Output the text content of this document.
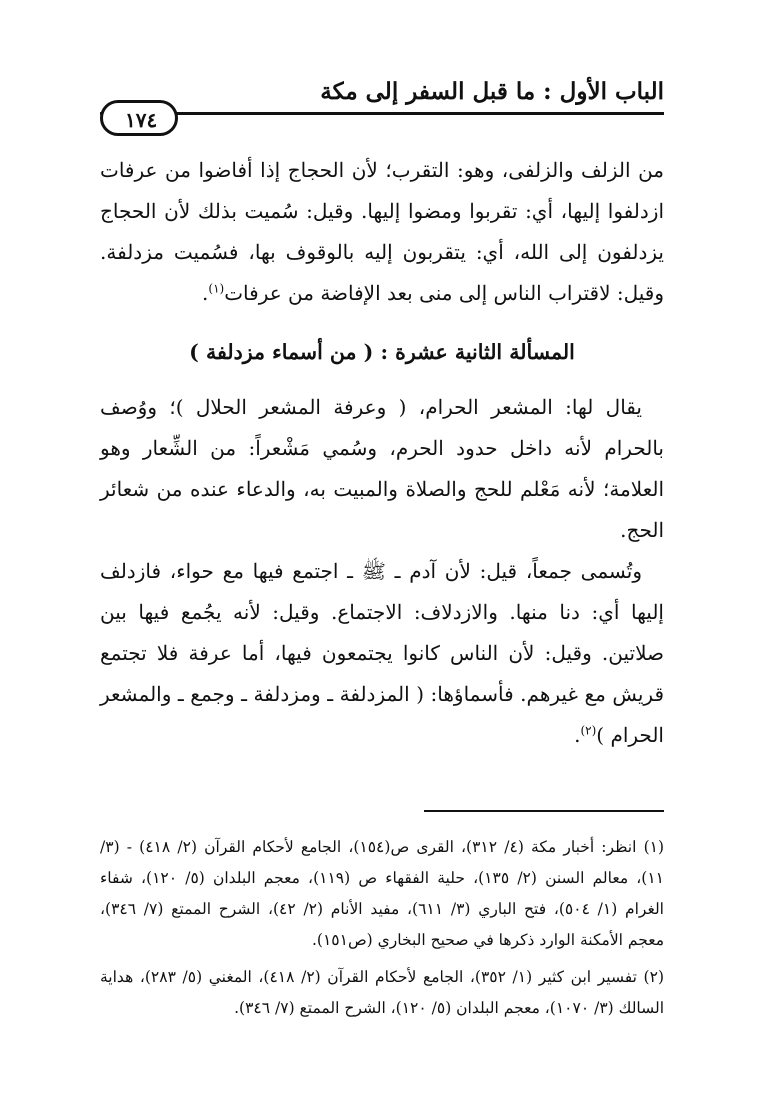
الباب الأول : ما قبل السفر إلى مكة
١٧٤

من الزلف والزلفى، وهو: التقرب؛ لأن الحجاج إذا أفاضوا من عرفات ازدلفوا إليها، أي: تقربوا ومضوا إليها. وقيل: سُميت بذلك لأن الحجاج يزدلفون إلى الله، أي: يتقربون إليه بالوقوف بها، فسُميت مزدلفة. وقيل: لاقتراب الناس إلى منى بعد الإفاضة من عرفات$^{(١)}$.

المسألة الثانية عشرة : ( من أسماء مزدلفة )

يقال لها: المشعر الحرام، ( وعرفة المشعر الحلال )؛ ووُصف بالحرام لأنه داخل حدود الحرم، وسُمي مَشْعراً: من الشِّعار وهو العلامة؛ لأنه مَعْلم للحج والصلاة والمبيت به، والدعاء عنده من شعائر الحج.

وتُسمى جمعاً، قيل: لأن آدم ـ ﷺ ـ اجتمع فيها مع حواء، فازدلف إليها أي: دنا منها. والازدلاف: الاجتماع. وقيل: لأنه يجُمع فيها بين صلاتين. وقيل: لأن الناس كانوا يجتمعون فيها، أما عرفة فلا تجتمع قريش مع غيرهم. فأسماؤها: ( المزدلفة ـ ومزدلفة ـ وجمع ـ والمشعر الحرام )$^{(٢)}$.

(١) انظر: أخبار مكة (٤/ ٣١٢)، القرى ص(١٥٤)، الجامع لأحكام القرآن (٢/ ٤١٨) - (٣/ ١١)، معالم السنن (٢/ ١٣٥)، حلية الفقهاء ص (١١٩)، معجم البلدان (٥/ ١٢٠)، شفاء الغرام (١/ ٥٠٤)، فتح الباري (٣/ ٦١١)، مفيد الأنام (٢/ ٤٢)، الشرح الممتع (٧/ ٣٤٦)، معجم الأمكنة الوارد ذكرها في صحيح البخاري (ص١٥١).

(٢) تفسير ابن كثير (١/ ٣٥٢)، الجامع لأحكام القرآن (٢/ ٤١٨)، المغني (٥/ ٢٨٣)، هداية السالك (٣/ ١٠٧٠)، معجم البلدان (٥/ ١٢٠)، الشرح الممتع (٧/ ٣٤٦).
